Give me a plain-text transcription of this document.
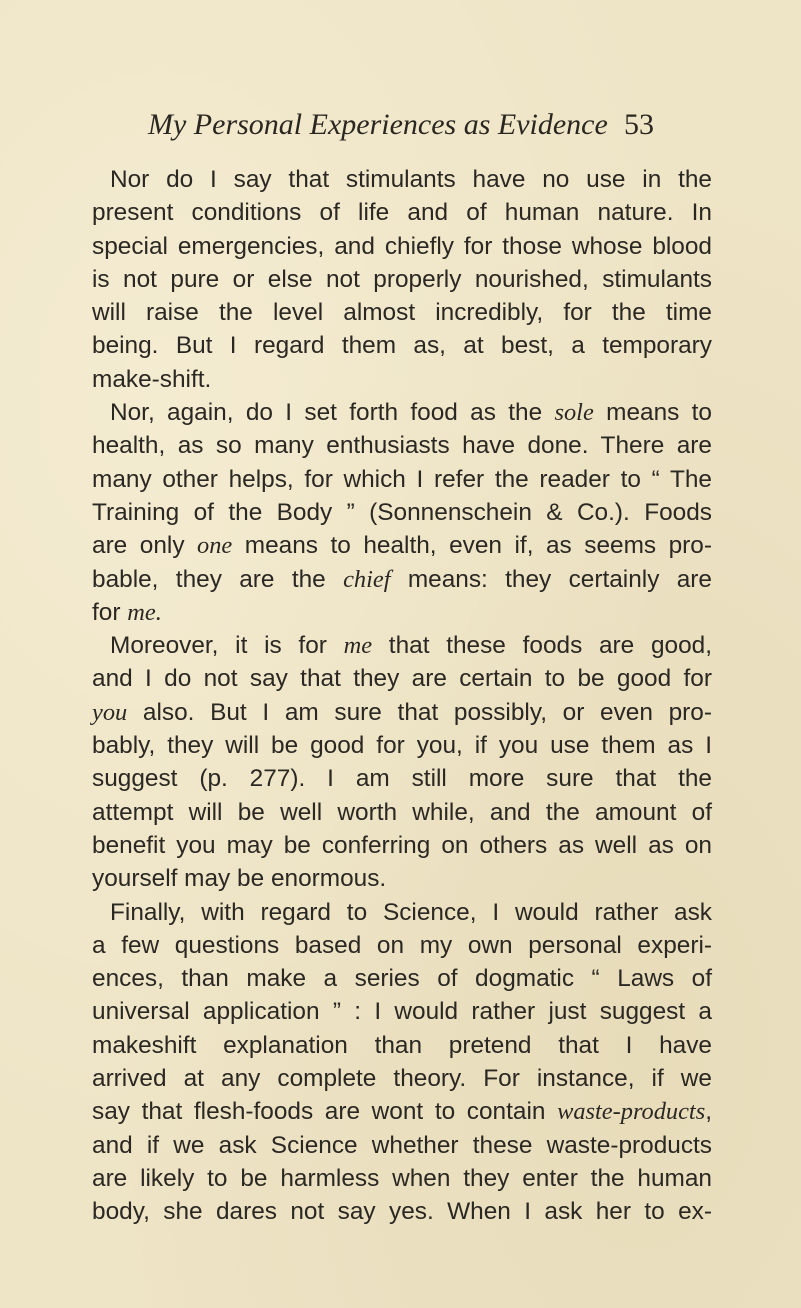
My Personal Experiences as Evidence 53
Nor do I say that stimulants have no use in the
present conditions of life and of human nature. In
special emergencies, and chiefly for those whose blood
is not pure or else not properly nourished, stimulants
will raise the level almost incredibly, for the time
being. But I regard them as, at best, a temporary
make-shift.
Nor, again, do I set forth food as the sole means to
health, as so many enthusiasts have done. There are
many other helps, for which I refer the reader to “ The
Training of the Body ” (Sonnenschein & Co.). Foods
are only one means to health, even if, as seems pro-
bable, they are the chief means: they certainly are
for me.
Moreover, it is for me that these foods are good,
and I do not say that they are certain to be good for
you also. But I am sure that possibly, or even pro-
bably, they will be good for you, if you use them as I
suggest (p. 277). I am still more sure that the
attempt will be well worth while, and the amount of
benefit you may be conferring on others as well as on
yourself may be enormous.
Finally, with regard to Science, I would rather ask
a few questions based on my own personal experi-
ences, than make a series of dogmatic “ Laws of
universal application ” : I would rather just suggest a
makeshift explanation than pretend that I have
arrived at any complete theory. For instance, if we
say that flesh-foods are wont to contain waste-products,
and if we ask Science whether these waste-products
are likely to be harmless when they enter the human
body, she dares not say yes. When I ask her to ex-
